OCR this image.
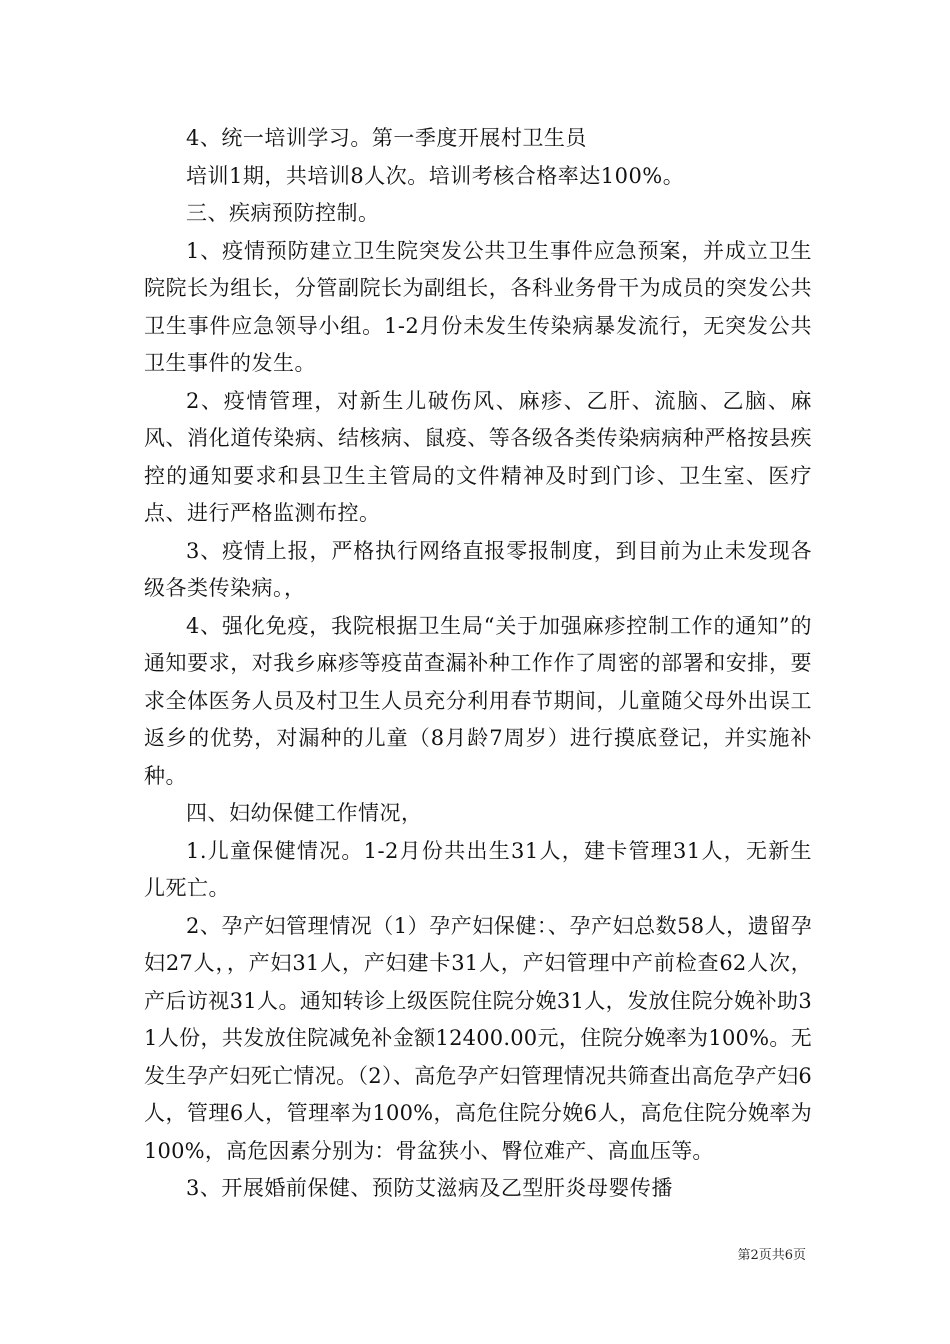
4、统一培训学习。第一季度开展村卫生员

培训1期，共培训8人次。培训考核合格率达100%。

三、疾病预防控制。

1、疫情预防建立卫生院突发公共卫生事件应急预案，并成立卫生院院长为组长，分管副院长为副组长，各科业务骨干为成员的突发公共卫生事件应急领导小组。1-2月份未发生传染病暴发流行，无突发公共卫生事件的发生。

2、疫情管理，对新生儿破伤风、麻疹、乙肝、流脑、乙脑、麻风、消化道传染病、结核病、鼠疫、等各级各类传染病病种严格按县疾控的通知要求和县卫生主管局的文件精神及时到门诊、卫生室、医疗点、进行严格监测布控。

3、疫情上报，严格执行网络直报零报制度，到目前为止未发现各级各类传染病。，

4、强化免疫，我院根据卫生局“关于加强麻疹控制工作的通知”的通知要求，对我乡麻疹等疫苗查漏补种工作作了周密的部署和安排，要求全体医务人员及村卫生人员充分利用春节期间，儿童随父母外出误工返乡的优势，对漏种的儿童（8月龄7周岁）进行摸底登记，并实施补种。

四、妇幼保健工作情况，

1.儿童保健情况。1-2月份共出生31人，建卡管理31人，无新生儿死亡。

2、孕产妇管理情况（1）孕产妇保健：、孕产妇总数58人，遗留孕妇27人，，产妇31人，产妇建卡31人，产妇管理中产前检查62人次，产后访视31人。通知转诊上级医院住院分娩31人，发放住院分娩补助31人份，共发放住院减免补金额12400.00元，住院分娩率为100%。无发生孕产妇死亡情况。（2）、高危孕产妇管理情况共筛查出高危孕产妇6人，管理6人，管理率为100%，高危住院分娩6人，高危住院分娩率为100%，高危因素分别为：骨盆狭小、臀位难产、高血压等。

3、开展婚前保健、预防艾滋病及乙型肝炎母婴传播

第2页共6页
